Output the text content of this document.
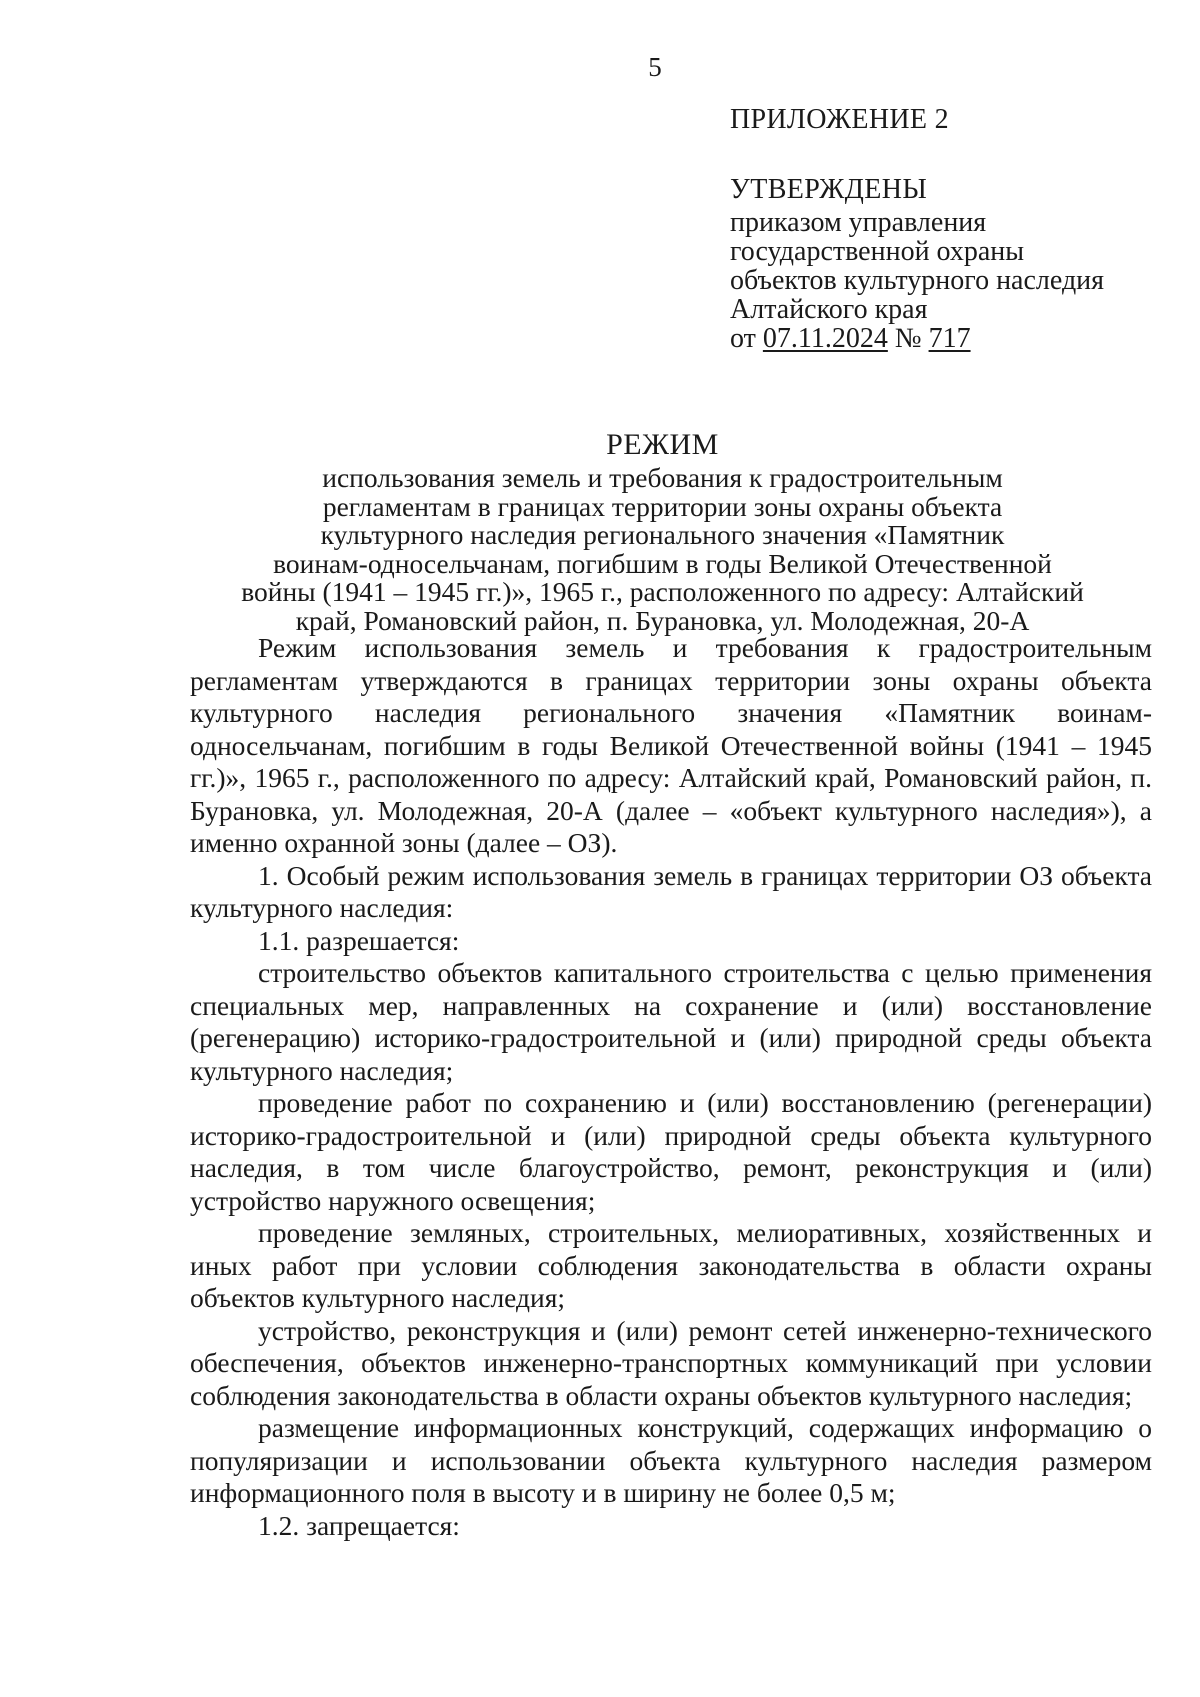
5
ПРИЛОЖЕНИЕ 2
УТВЕРЖДЕНЫ
приказом управления
государственной охраны
объектов культурного наследия
Алтайского края
от 07.11.2024 № 717
РЕЖИМ
использования земель и требования к градостроительным
регламентам в границах территории зоны охраны объекта
культурного наследия регионального значения «Памятник
воинам-односельчанам, погибшим в годы Великой Отечественной
войны (1941 – 1945 гг.)», 1965 г., расположенного по адресу: Алтайский
край, Романовский район, п. Бурановка, ул. Молодежная, 20-А

Режим использования земель и требования к градостроительным регламентам утверждаются в границах территории зоны охраны объекта культурного наследия регионального значения «Памятник воинам-односельчанам, погибшим в годы Великой Отечественной войны (1941 – 1945 гг.)», 1965 г., расположенного по адресу: Алтайский край, Романовский район, п. Бурановка, ул. Молодежная, 20-А (далее – «объект культурного наследия»), а именно охранной зоны (далее – ОЗ).

1. Особый режим использования земель в границах территории ОЗ объекта культурного наследия:

1.1. разрешается:

строительство объектов капитального строительства с целью применения специальных мер, направленных на сохранение и (или) восстановление (регенерацию) историко-градостроительной и (или) природной среды объекта культурного наследия;

проведение работ по сохранению и (или) восстановлению (регенерации) историко-градостроительной и (или) природной среды объекта культурного наследия, в том числе благоустройство, ремонт, реконструкция и (или) устройство наружного освещения;

проведение земляных, строительных, мелиоративных, хозяйственных и иных работ при условии соблюдения законодательства в области охраны объектов культурного наследия;

устройство, реконструкция и (или) ремонт сетей инженерно-технического обеспечения, объектов инженерно-транспортных коммуникаций при условии соблюдения законодательства в области охраны объектов культурного наследия;

размещение информационных конструкций, содержащих информацию о популяризации и использовании объекта культурного наследия размером информационного поля в высоту и в ширину не более 0,5 м;

1.2. запрещается:
